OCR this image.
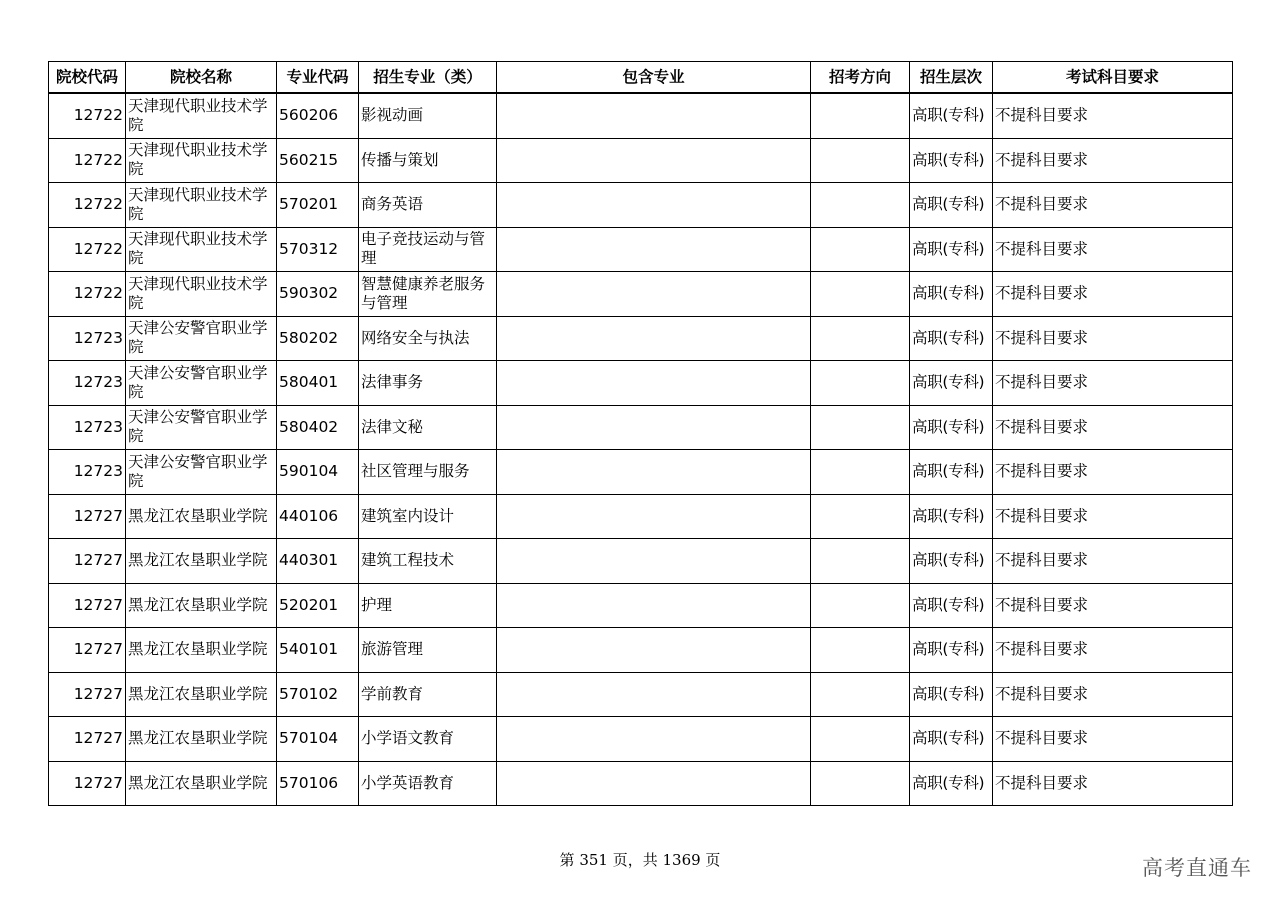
院校代码	院校名称	专业代码	招生专业（类）	包含专业	招考方向	招生层次	考试科目要求
12722	天津现代职业技术学院	560206	影视动画			高职(专科)	不提科目要求
12722	天津现代职业技术学院	560215	传播与策划			高职(专科)	不提科目要求
12722	天津现代职业技术学院	570201	商务英语			高职(专科)	不提科目要求
12722	天津现代职业技术学院	570312	电子竞技运动与管理			高职(专科)	不提科目要求
12722	天津现代职业技术学院	590302	智慧健康养老服务与管理			高职(专科)	不提科目要求
12723	天津公安警官职业学院	580202	网络安全与执法			高职(专科)	不提科目要求
12723	天津公安警官职业学院	580401	法律事务			高职(专科)	不提科目要求
12723	天津公安警官职业学院	580402	法律文秘			高职(专科)	不提科目要求
12723	天津公安警官职业学院	590104	社区管理与服务			高职(专科)	不提科目要求
12727	黑龙江农垦职业学院	440106	建筑室内设计			高职(专科)	不提科目要求
12727	黑龙江农垦职业学院	440301	建筑工程技术			高职(专科)	不提科目要求
12727	黑龙江农垦职业学院	520201	护理			高职(专科)	不提科目要求
12727	黑龙江农垦职业学院	540101	旅游管理			高职(专科)	不提科目要求
12727	黑龙江农垦职业学院	570102	学前教育			高职(专科)	不提科目要求
12727	黑龙江农垦职业学院	570104	小学语文教育			高职(专科)	不提科目要求
12727	黑龙江农垦职业学院	570106	小学英语教育			高职(专科)	不提科目要求
第 351 页，共 1369 页	高考直通车
